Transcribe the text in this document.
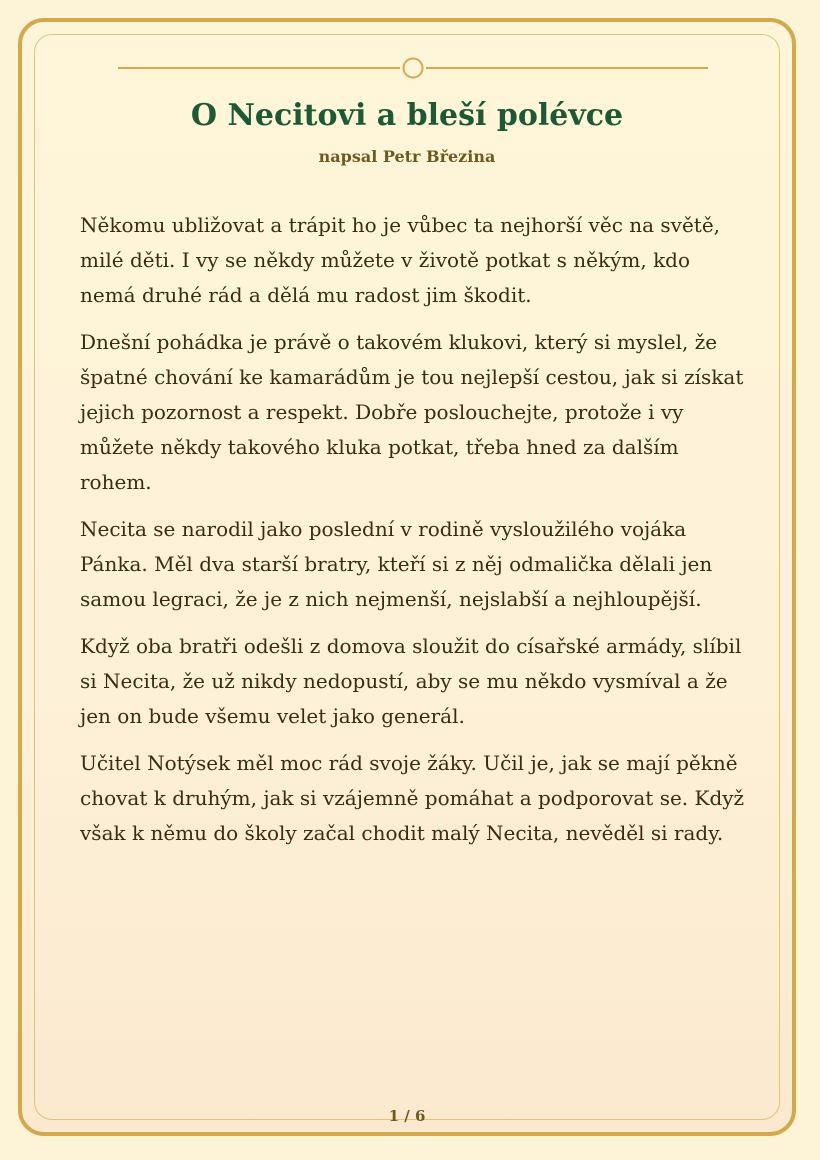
O Necitovi a bleší polévce
napsal Petr Březina

Někomu ubližovat a trápit ho je vůbec ta nejhorší věc na světě, milé děti. I vy se někdy můžete v životě potkat s někým, kdo nemá druhé rád a dělá mu radost jim škodit.

Dnešní pohádka je právě o takovém klukovi, který si myslel, že špatné chování ke kamarádům je tou nejlepší cestou, jak si získat jejich pozornost a respekt. Dobře poslouchejte, protože i vy můžete někdy takového kluka potkat, třeba hned za dalším rohem.

Necita se narodil jako poslední v rodině vysloužilého vojáka Pánka. Měl dva starší bratry, kteří si z něj odmalička dělali jen samou legraci, že je z nich nejmenší, nejslabší a nejhloupější.

Když oba bratři odešli z domova sloužit do císařské armády, slíbil si Necita, že už nikdy nedopustí, aby se mu někdo vysmíval a že jen on bude všemu velet jako generál.

Učitel Notýsek měl moc rád svoje žáky. Učil je, jak se mají pěkně chovat k druhým, jak si vzájemně pomáhat a podporovat se. Když však k němu do školy začal chodit malý Necita, nevěděl si rady.

1 / 6
